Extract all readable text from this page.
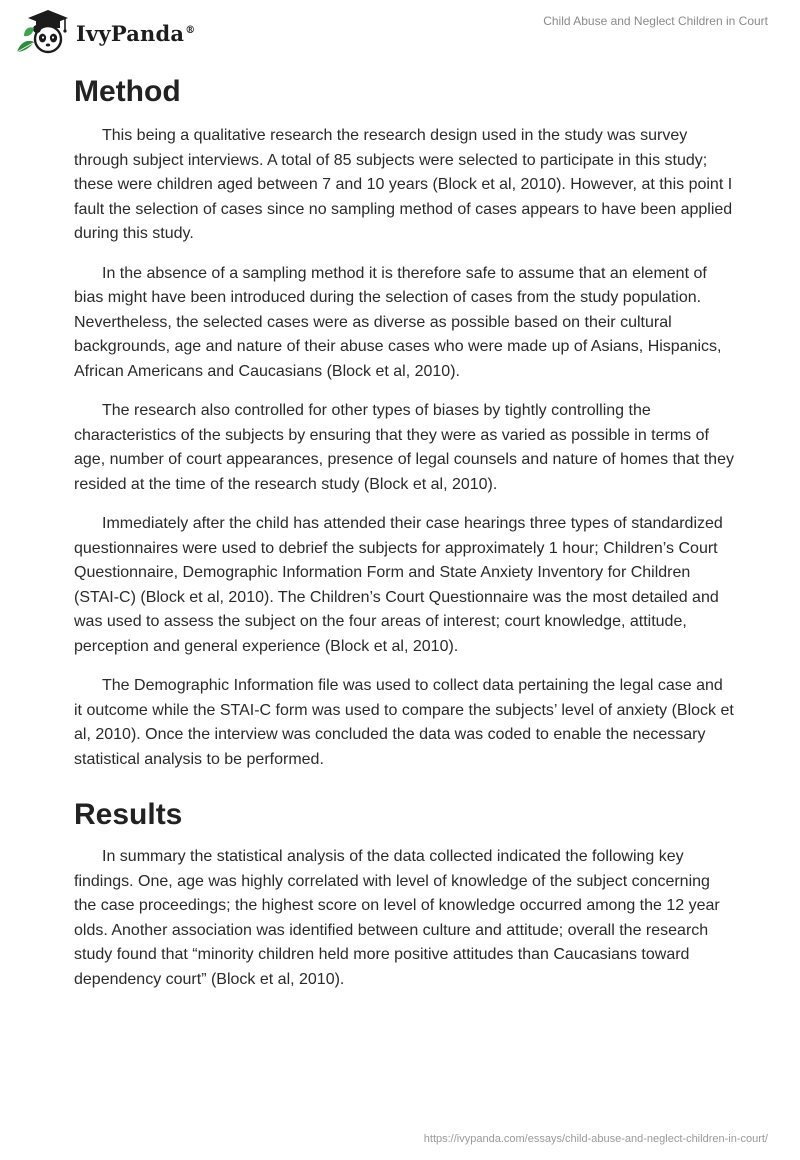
IvyPanda®
Child Abuse and Neglect Children in Court
Method

This being a qualitative research the research design used in the study was survey through subject interviews. A total of 85 subjects were selected to participate in this study; these were children aged between 7 and 10 years (Block et al, 2010). However, at this point I fault the selection of cases since no sampling method of cases appears to have been applied during this study.

In the absence of a sampling method it is therefore safe to assume that an element of bias might have been introduced during the selection of cases from the study population. Nevertheless, the selected cases were as diverse as possible based on their cultural backgrounds, age and nature of their abuse cases who were made up of Asians, Hispanics, African Americans and Caucasians (Block et al, 2010).

The research also controlled for other types of biases by tightly controlling the characteristics of the subjects by ensuring that they were as varied as possible in terms of age, number of court appearances, presence of legal counsels and nature of homes that they resided at the time of the research study (Block et al, 2010).

Immediately after the child has attended their case hearings three types of standardized questionnaires were used to debrief the subjects for approximately 1 hour; Children’s Court Questionnaire, Demographic Information Form and State Anxiety Inventory for Children (STAI-C) (Block et al, 2010). The Children’s Court Questionnaire was the most detailed and was used to assess the subject on the four areas of interest; court knowledge, attitude, perception and general experience (Block et al, 2010).

The Demographic Information file was used to collect data pertaining the legal case and it outcome while the STAI-C form was used to compare the subjects’ level of anxiety (Block et al, 2010). Once the interview was concluded the data was coded to enable the necessary statistical analysis to be performed.

Results

In summary the statistical analysis of the data collected indicated the following key findings. One, age was highly correlated with level of knowledge of the subject concerning the case proceedings; the highest score on level of knowledge occurred among the 12 year olds. Another association was identified between culture and attitude; overall the research study found that “minority children held more positive attitudes than Caucasians toward dependency court” (Block et al, 2010).

https://ivypanda.com/essays/child-abuse-and-neglect-children-in-court/
